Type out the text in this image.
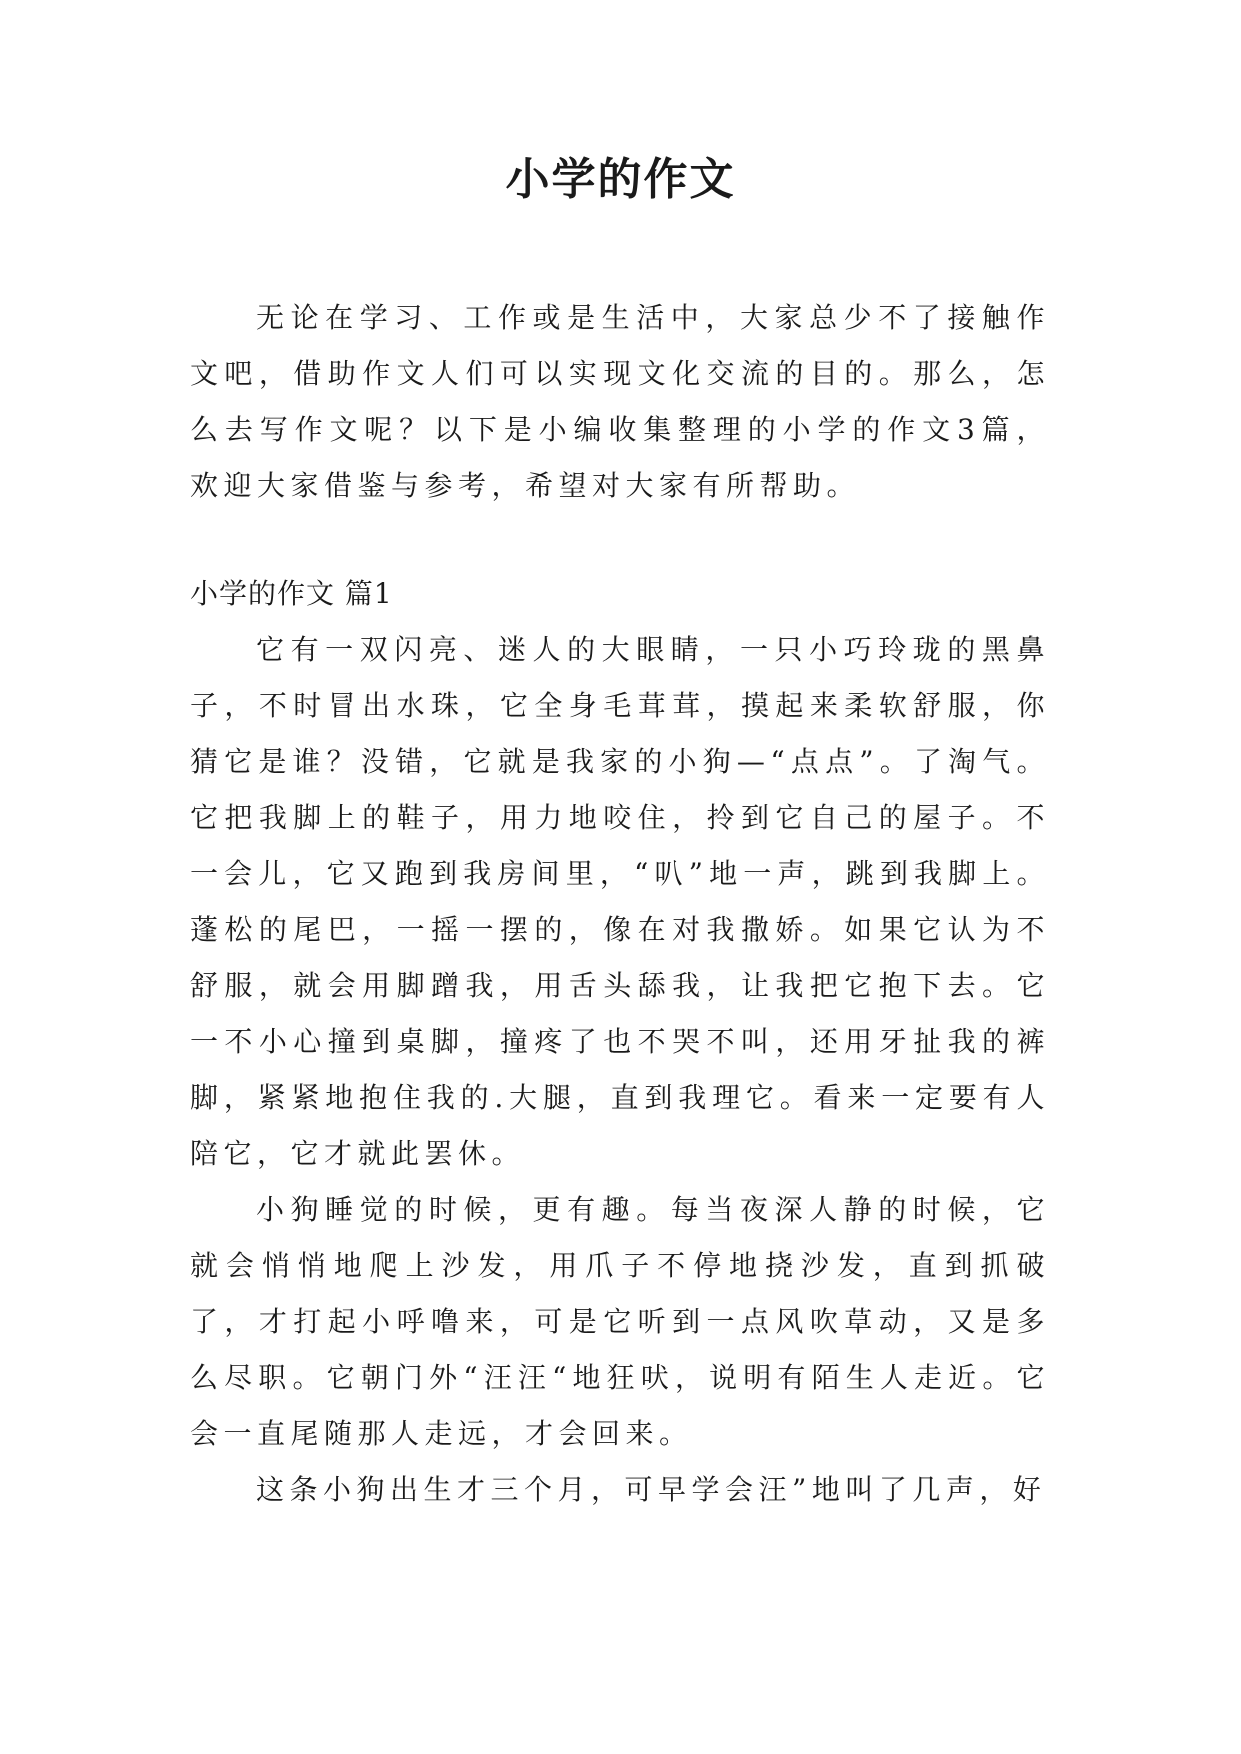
小学的作文

无论在学习、工作或是生活中，大家总少不了接触作文吧，借助作文人们可以实现文化交流的目的。那么，怎么去写作文呢？以下是小编收集整理的小学的作文3篇，欢迎大家借鉴与参考，希望对大家有所帮助。

小学的作文 篇1

它有一双闪亮、迷人的大眼睛，一只小巧玲珑的黑鼻子，不时冒出水珠，它全身毛茸茸，摸起来柔软舒服，你猜它是谁？没错，它就是我家的小狗—“点点”。了淘气。它把我脚上的鞋子，用力地咬住，拎到它自己的屋子。不一会儿，它又跑到我房间里，“叭”地一声，跳到我脚上。蓬松的尾巴，一摇一摆的，像在对我撒娇。如果它认为不舒服，就会用脚蹭我，用舌头舔我，让我把它抱下去。它一不小心撞到桌脚，撞疼了也不哭不叫，还用牙扯我的裤脚，紧紧地抱住我的.大腿，直到我理它。看来一定要有人陪它，它才就此罢休。

小狗睡觉的时候，更有趣。每当夜深人静的时候，它就会悄悄地爬上沙发，用爪子不停地挠沙发，直到抓破了，才打起小呼噜来，可是它听到一点风吹草动，又是多么尽职。它朝门外“汪汪“地狂吠，说明有陌生人走近。它会一直尾随那人走远，才会回来。

这条小狗出生才三个月，可早学会汪”地叫了几声，好
